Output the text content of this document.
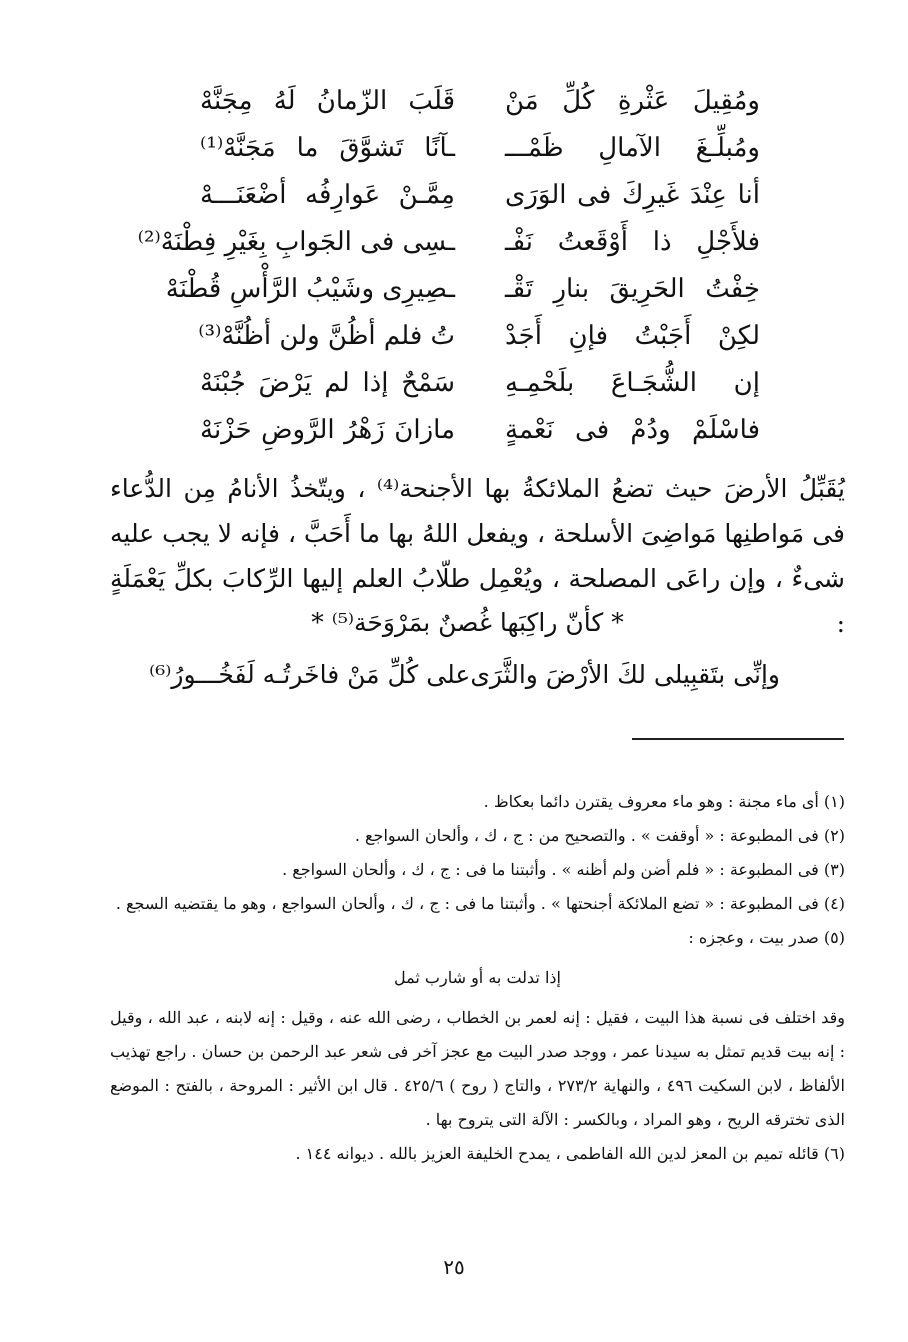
ومُقِيلَ عَثْرةِ كُلِّ مَنْ
قَلَبَ الزّمانُ لَهُ مِجَنَّهْ
ومُبلِّـغَ الآمالِ ظَمْـــ
ـآنًا تَشوَّقَ ما مَجَنَّهْ⁽¹⁾
أنا عِنْدَ غَيرِكَ فى الوَرَى
مِمَّـنْ عَوارِفُه أضْعَنَـــهْ
فلأَجْلِ ذا أَوْقَعتُ نَفْـ
ـسِى فى الجَوابِ بِغَيْرِ فِطْنَهْ⁽²⁾
خِفْتُ الحَرِيقَ بنارِ تَقْـ
ـصِيرِى وشَيْبُ الرَّأْسِ قُطْنَهْ
لكِنْ أَجَبْتُ فإنِ أَجَدْ
تُ فلم أظُنَّ ولن أظُنَّهْ⁽³⁾
إن الشُّجَـاعَ بلَحْمِـهِ
سَمْحٌ إذا لم يَرْضَ جُبْنَهْ
فاسْلَمْ ودُمْ فى نَعْمةٍ
مازانَ زَهْرُ الرَّوضِ حَزْنَهْ

يُقَبِّلُ الأرضَ حيث تضعُ الملائكةُ بها الأجنحة⁽⁴⁾ ، ويتّخذُ الأنامُ مِن الدُّعاء فى مَواطنِها مَواضِىَ الأسلحة ، ويفعل اللهُ بها ما أَحَبَّ ، فإنه لا يجب عليه شىءٌ ، وإن راعَى المصلحة ، ويُعْمِل طلّابُ العلم إليها الرِّكابَ بكلِّ يَعْمَلَةٍ :

* كأنّ راكِبَها غُصنٌ بمَرْوَحَة⁽⁵⁾ *
وإنِّى بتَقبِيلى لكَ الأرْضَ والثَّرَى
على كُلِّ مَنْ فاخَرتُـه لَفَخُـــورُ⁽⁶⁾

(١) أى ماء مجنة : وهو ماء معروف يقترن دائما بعكاظ .

(٢) فى المطبوعة : « أوقفت » . والتصحيح من : ج ، ك ، وألحان السواجع .

(٣) فى المطبوعة : « فلم أضن ولم أظنه » . وأثبتنا ما فى : ج ، ك ، وألحان السواجع .

(٤) فى المطبوعة : « تضع الملائكة أجنحتها » . وأثبتنا ما فى : ج ، ك ، وألحان السواجع ، وهو ما يقتضيه السجع .

(٥) صدر بيت ، وعجزه :

إذا تدلت به أو شارب ثمل

وقد اختلف فى نسبة هذا البيت ، فقيل : إنه لعمر بن الخطاب ، رضى الله عنه ، وقيل : إنه لابنه ، عبد الله ، وقيل : إنه بيت قديم تمثل به سيدنا عمر ، ووجد صدر البيت مع عجز آخر فى شعر عبد الرحمن بن حسان . راجع تهذيب الألفاظ ، لابن السكيت ٤٩٦ ، والنهاية ٢٧٣/٢ ، والتاج ( روح ) ٤٢٥/٦ . قال ابن الأثير : المروحة ، بالفتح : الموضع الذى تخترقه الريح ، وهو المراد ، وبالكسر : الآلة التى يتروح بها .

(٦) قائله تميم بن المعز لدين الله الفاطمى ، يمدح الخليفة العزيز بالله . ديوانه ١٤٤ .

٢٥
